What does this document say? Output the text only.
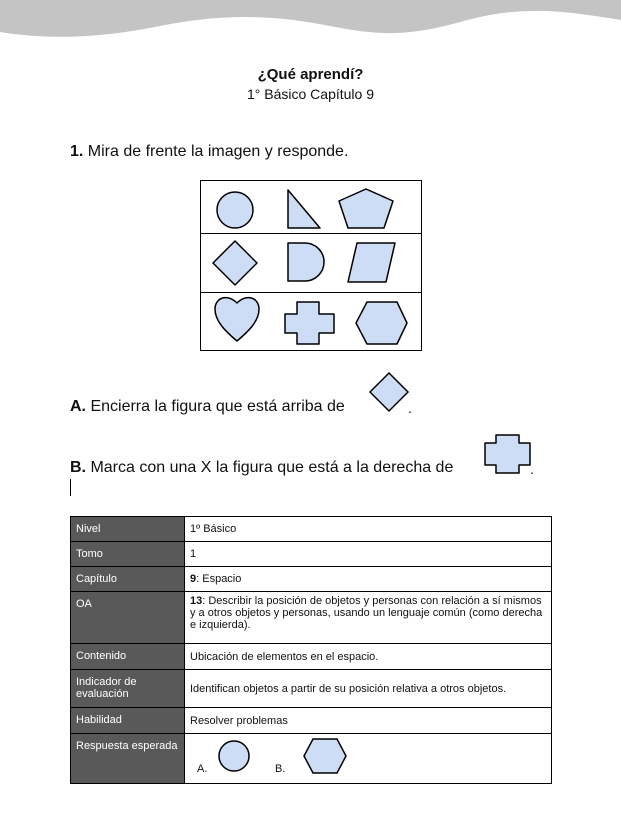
¿Qué aprendí?
1° Básico Capítulo 9
1. Mira de frente la imagen y responde.
A. Encierra la figura que está arriba de	.
B. Marca con una X la figura que está a la derecha de	.
Nivel	1º Básico
Tomo	1
Capítulo	9: Espacio
OA	13: Describir la posición de objetos y personas con relación a sí mismos y a otros objetos y personas, usando un lenguaje común (como derecha e izquierda).
Contenido	Ubicación de elementos en el espacio.
Indicador de evaluación	Identifican objetos a partir de su posición relativa a otros objetos.
Habilidad	Resolver problemas
Respuesta esperada	A. B.
